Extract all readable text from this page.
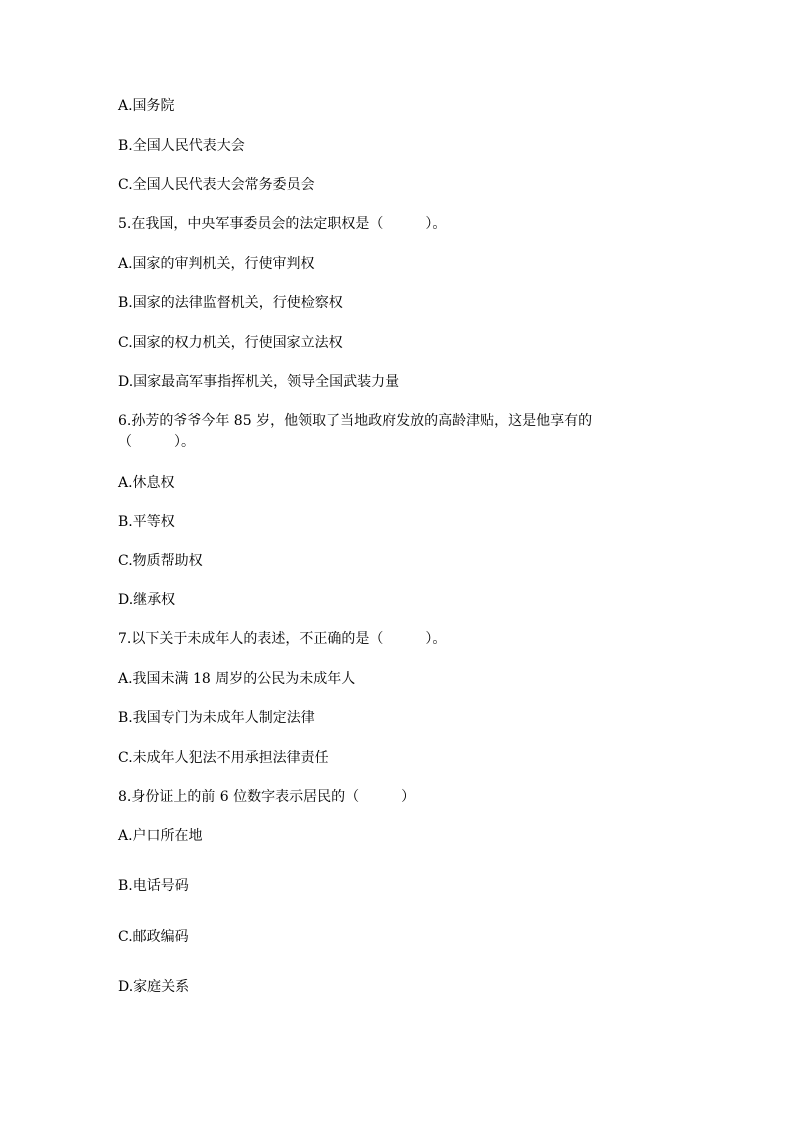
A.国务院
B.全国人民代表大会
C.全国人民代表大会常务委员会
5.在我国，中央军事委员会的法定职权是（　　　）。
A.国家的审判机关，行使审判权
B.国家的法律监督机关，行使检察权
C.国家的权力机关，行使国家立法权
D.国家最高军事指挥机关，领导全国武装力量
6.孙芳的爷爷今年 85 岁，他领取了当地政府发放的高龄津贴，这是他享有的
（　　　）。
A.休息权
B.平等权
C.物质帮助权
D.继承权
7.以下关于未成年人的表述，不正确的是（　　　）。
A.我国未满 18 周岁的公民为未成年人
B.我国专门为未成年人制定法律
C.未成年人犯法不用承担法律责任
8.身份证上的前 6 位数字表示居民的（　　　）
A.户口所在地
B.电话号码
C.邮政编码
D.家庭关系
